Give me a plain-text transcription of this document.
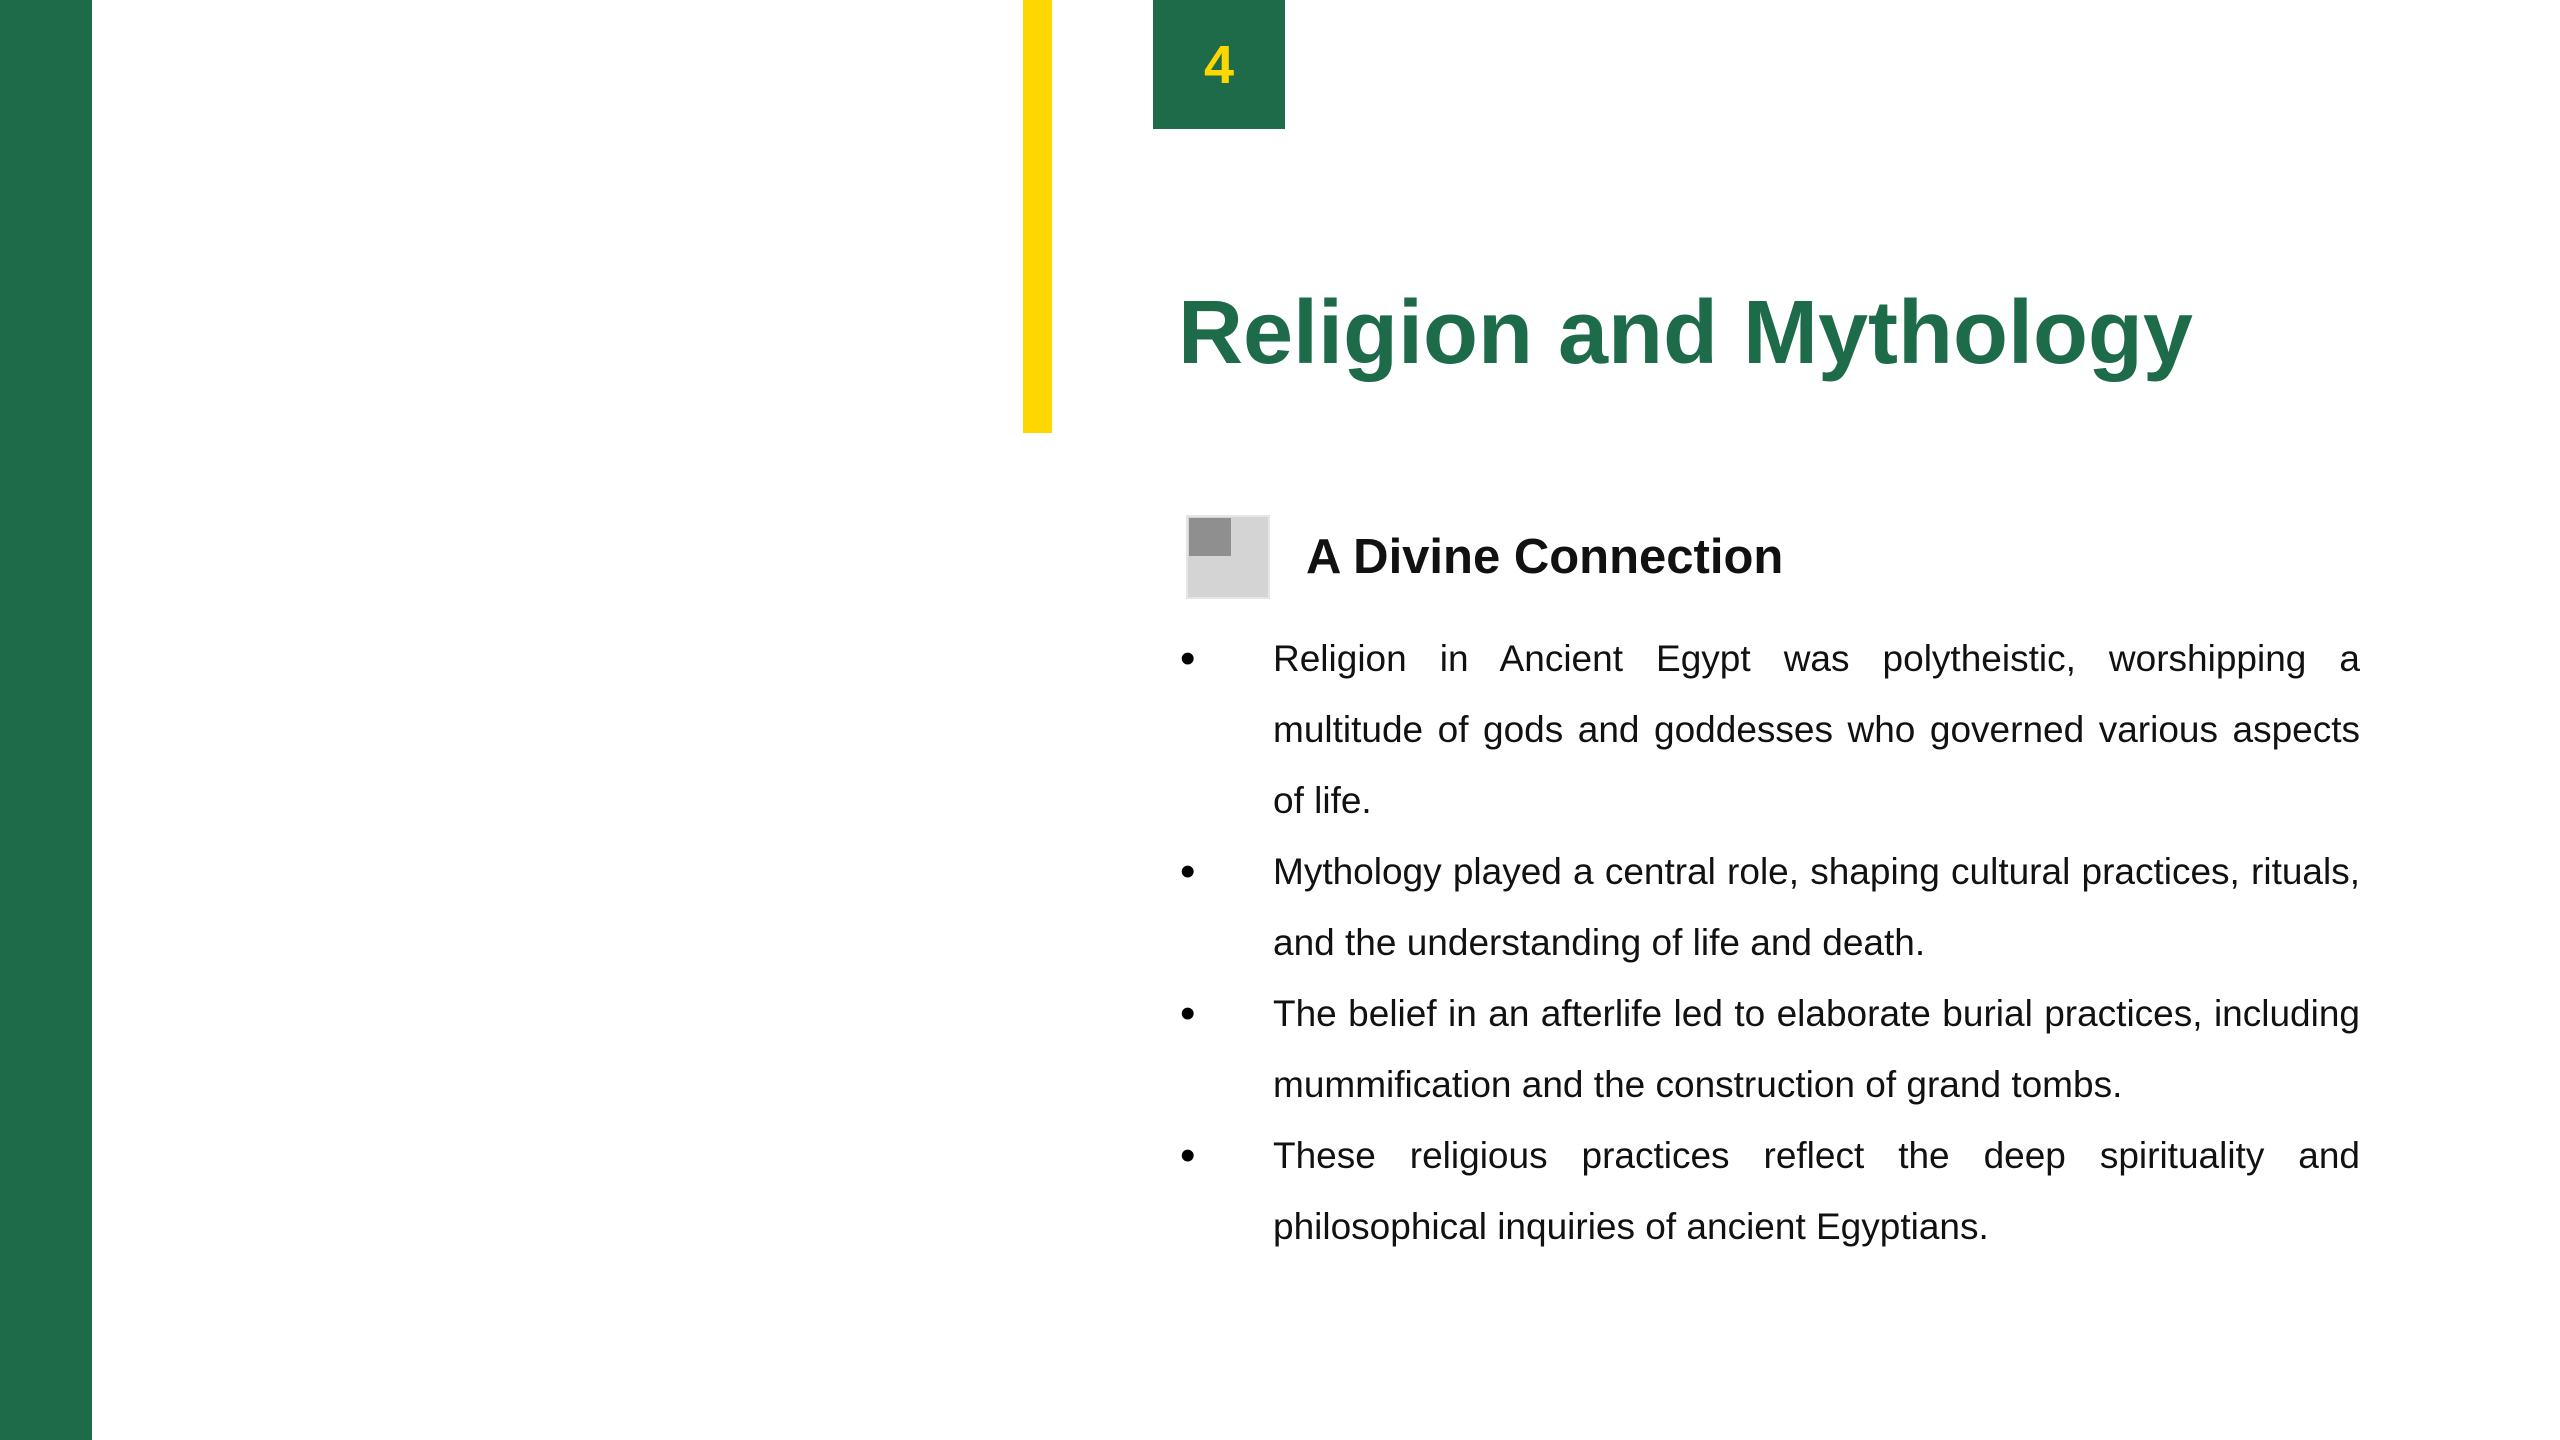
4
Religion and Mythology
A Divine Connection
• Religion in Ancient Egypt was polytheistic, worshipping a multitude of gods and goddesses who governed various aspects of life.
• Mythology played a central role, shaping cultural practices, rituals, and the understanding of life and death.
• The belief in an afterlife led to elaborate burial practices, including mummification and the construction of grand tombs.
• These religious practices reflect the deep spirituality and philosophical inquiries of ancient Egyptians.
